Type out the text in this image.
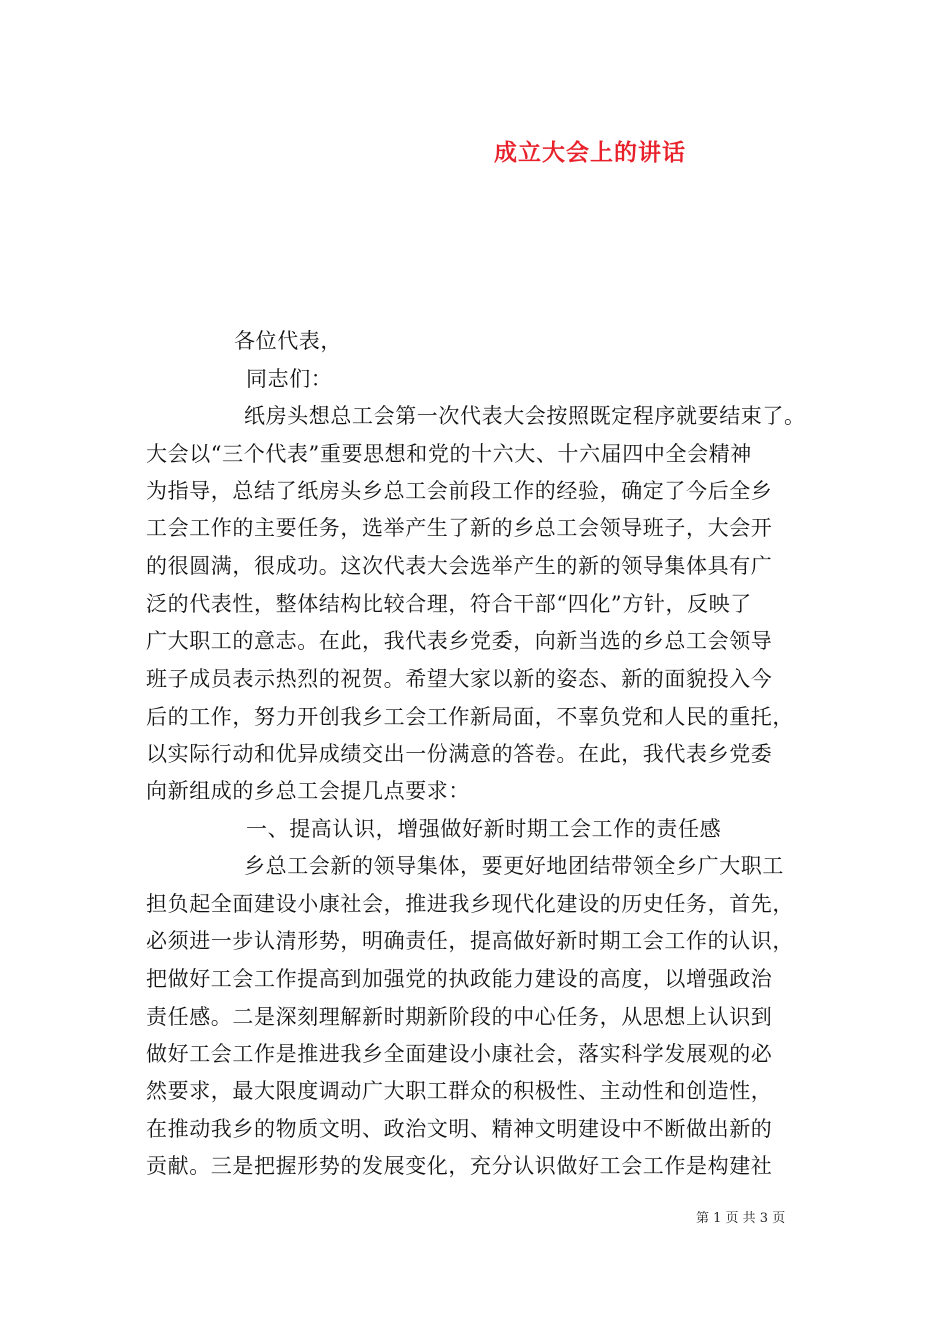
成立大会上的讲话
各位代表，
同志们：
纸房头想总工会第一次代表大会按照既定程序就要结束了。
大会以“三个代表”重要思想和党的十六大、十六届四中全会精神
为指导，总结了纸房头乡总工会前段工作的经验，确定了今后全乡
工会工作的主要任务，选举产生了新的乡总工会领导班子，大会开
的很圆满，很成功。这次代表大会选举产生的新的领导集体具有广
泛的代表性，整体结构比较合理，符合干部“四化”方针，反映了
广大职工的意志。在此，我代表乡党委，向新当选的乡总工会领导
班子成员表示热烈的祝贺。希望大家以新的姿态、新的面貌投入今
后的工作，努力开创我乡工会工作新局面，不辜负党和人民的重托，
以实际行动和优异成绩交出一份满意的答卷。在此，我代表乡党委
向新组成的乡总工会提几点要求：
一、提高认识，增强做好新时期工会工作的责任感
乡总工会新的领导集体，要更好地团结带领全乡广大职工
担负起全面建设小康社会，推进我乡现代化建设的历史任务，首先，
必须进一步认清形势，明确责任，提高做好新时期工会工作的认识，
把做好工会工作提高到加强党的执政能力建设的高度，以增强政治
责任感。二是深刻理解新时期新阶段的中心任务，从思想上认识到
做好工会工作是推进我乡全面建设小康社会，落实科学发展观的必
然要求，最大限度调动广大职工群众的积极性、主动性和创造性，
在推动我乡的物质文明、政治文明、精神文明建设中不断做出新的
贡献。三是把握形势的发展变化，充分认识做好工会工作是构建社
第 1 页 共 3 页
